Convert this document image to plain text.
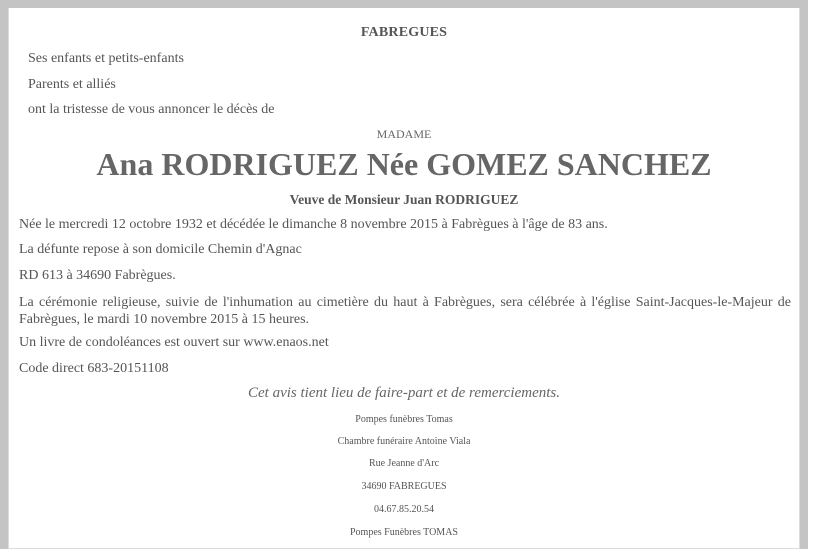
FABREGUES
Ses enfants et petits-enfants
Parents et alliés
ont la tristesse de vous annoncer le décès de
MADAME
Ana RODRIGUEZ Née GOMEZ SANCHEZ
Veuve de Monsieur Juan RODRIGUEZ
Née le mercredi 12 octobre 1932 et décédée le dimanche 8 novembre 2015 à Fabrègues à l'âge de 83 ans.
La défunte repose à son domicile Chemin d'Agnac
RD 613 à 34690 Fabrègues.
La cérémonie religieuse, suivie de l'inhumation au cimetière du haut à Fabrègues, sera célébrée à l'église Saint-Jacques-le-Majeur de Fabrègues, le mardi 10 novembre 2015 à 15 heures.
Un livre de condoléances est ouvert sur www.enaos.net
Code direct 683-20151108
Cet avis tient lieu de faire-part et de remerciements.
Pompes funèbres Tomas
Chambre funéraire Antoine Viala
Rue Jeanne d'Arc
34690 FABREGUES
04.67.85.20.54
Pompes Funèbres TOMAS
